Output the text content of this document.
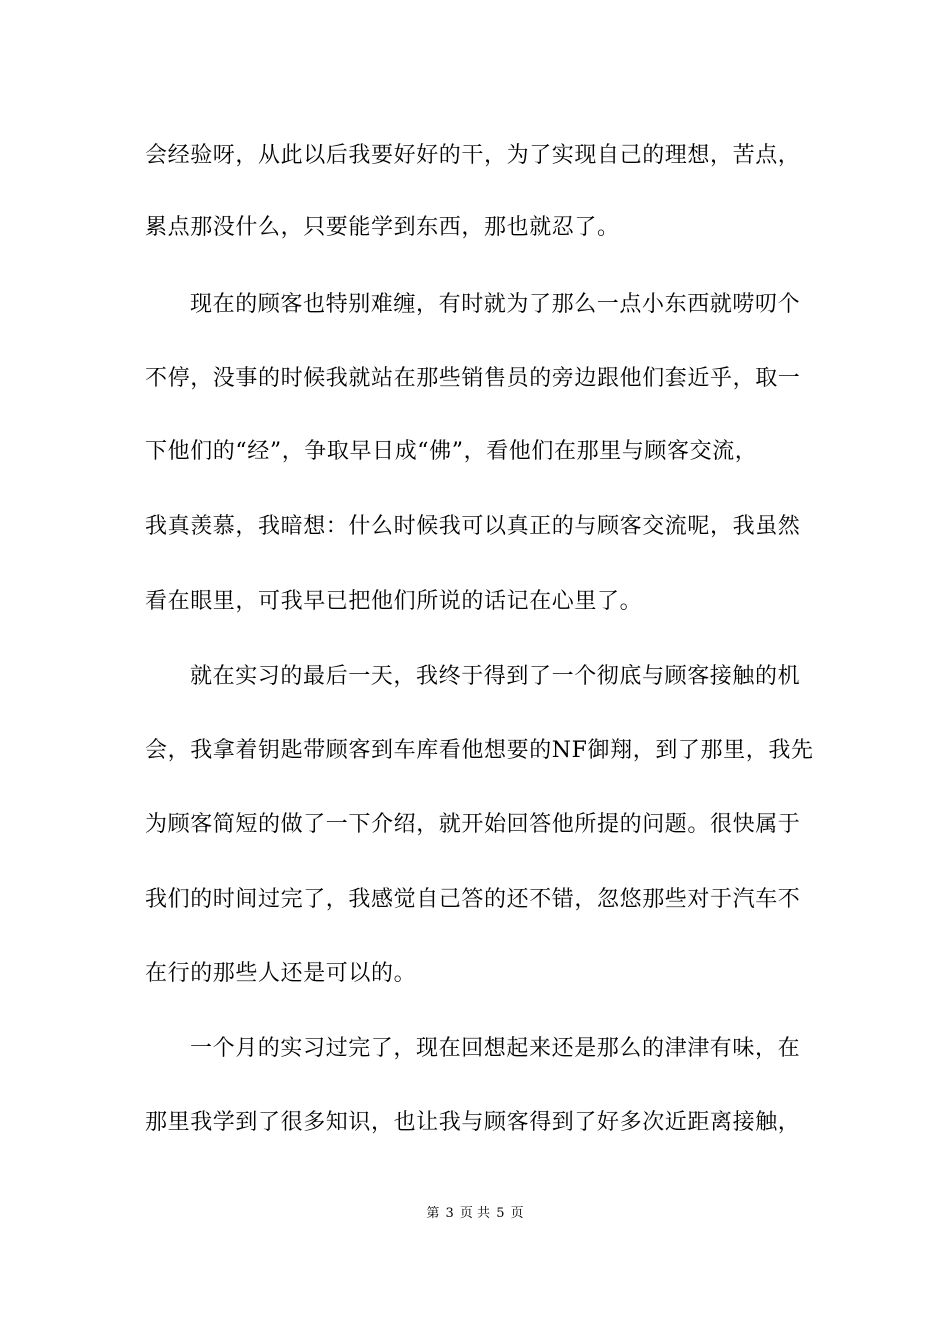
会经验呀，从此以后我要好好的干，为了实现自己的理想，苦点，
累点那没什么，只要能学到东西，那也就忍了。
现在的顾客也特别难缠，有时就为了那么一点小东西就唠叨个
不停，没事的时候我就站在那些销售员的旁边跟他们套近乎，取一
下他们的“经”，争取早日成“佛”，看他们在那里与顾客交流，
我真羡慕，我暗想：什么时候我可以真正的与顾客交流呢，我虽然
看在眼里，可我早已把他们所说的话记在心里了。
就在实习的最后一天，我终于得到了一个彻底与顾客接触的机
会，我拿着钥匙带顾客到车库看他想要的NF御翔，到了那里，我先
为顾客简短的做了一下介绍，就开始回答他所提的问题。很快属于
我们的时间过完了，我感觉自己答的还不错，忽悠那些对于汽车不
在行的那些人还是可以的。
一个月的实习过完了，现在回想起来还是那么的津津有味，在
那里我学到了很多知识，也让我与顾客得到了好多次近距离接触，
第 3 页 共 5 页
